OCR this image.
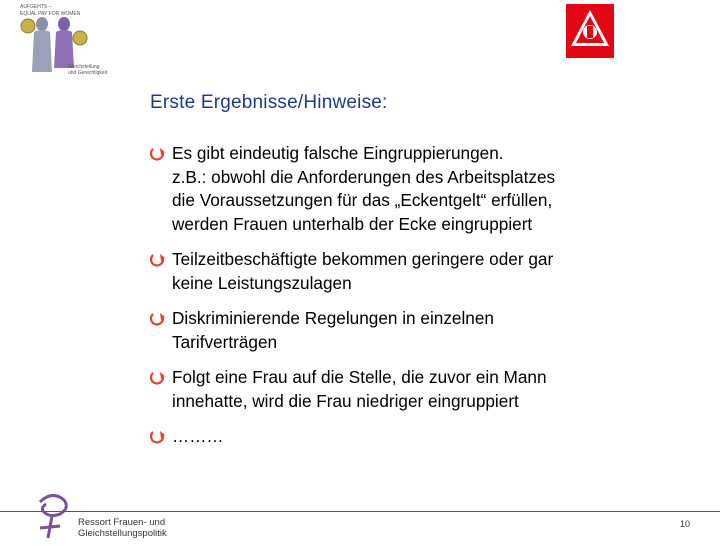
AUFGEHTS –
EQUAL PAY FOR WOMEN
Gleichstellung
und Gerechtigkeit
Erste Ergebnisse/Hinweise:
Es gibt eindeutig falsche Eingruppierungen.
z.B.: obwohl die Anforderungen des Arbeitsplatzes
die Voraussetzungen für das „Eckentgelt“ erfüllen,
werden Frauen unterhalb der Ecke eingruppiert
Teilzeitbeschäftigte bekommen geringere oder gar
keine Leistungszulagen
Diskriminierende Regelungen in einzelnen
Tarifverträgen
Folgt eine Frau auf die Stelle, die zuvor ein Mann
innehatte, wird die Frau niedriger eingruppiert
………
Ressort Frauen- und
Gleichstellungspolitik
10
